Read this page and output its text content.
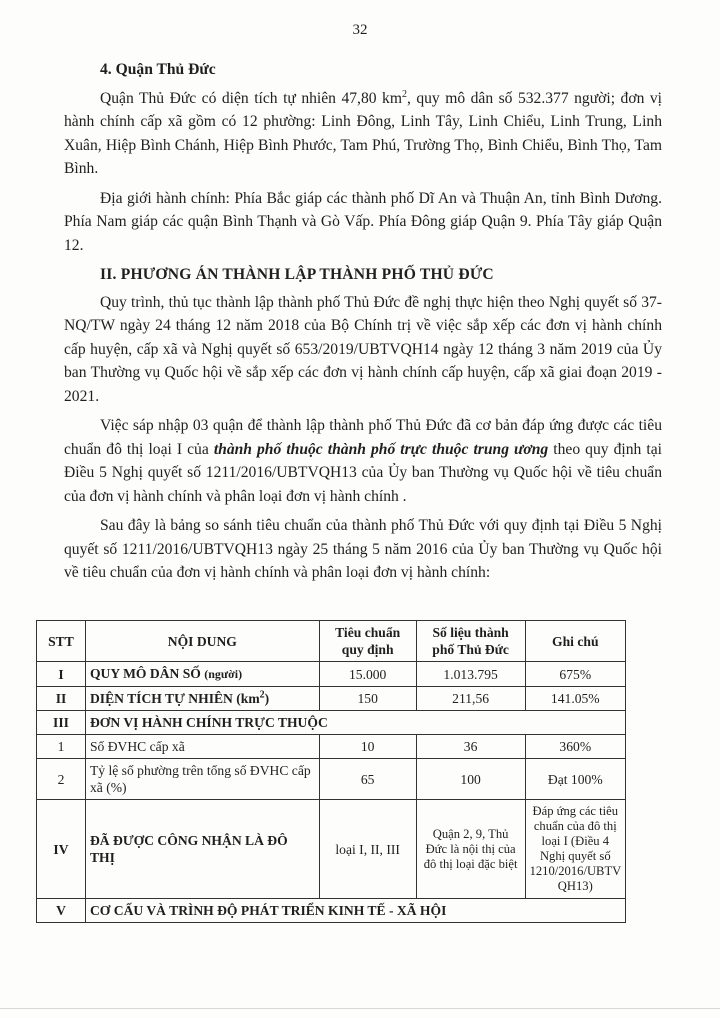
32
4. Quận Thủ Đức

Quận Thủ Đức có diện tích tự nhiên 47,80 $km^2$, quy mô dân số 532.377 người; đơn vị hành chính cấp xã gồm có 12 phường: Linh Đông, Linh Tây, Linh Chiểu, Linh Trung, Linh Xuân, Hiệp Bình Chánh, Hiệp Bình Phước, Tam Phú, Trường Thọ, Bình Chiểu, Bình Thọ, Tam Bình.

Địa giới hành chính: Phía Bắc giáp các thành phố Dĩ An và Thuận An, tỉnh Bình Dương. Phía Nam giáp các quận Bình Thạnh và Gò Vấp. Phía Đông giáp Quận 9. Phía Tây giáp Quận 12.

II. PHƯƠNG ÁN THÀNH LẬP THÀNH PHỐ THỦ ĐỨC

Quy trình, thủ tục thành lập thành phố Thủ Đức đề nghị thực hiện theo Nghị quyết số 37-NQ/TW ngày 24 tháng 12 năm 2018 của Bộ Chính trị về việc sắp xếp các đơn vị hành chính cấp huyện, cấp xã và Nghị quyết số 653/2019/UBTVQH14 ngày 12 tháng 3 năm 2019 của Ủy ban Thường vụ Quốc hội về sắp xếp các đơn vị hành chính cấp huyện, cấp xã giai đoạn 2019 - 2021.

Việc sáp nhập 03 quận để thành lập thành phố Thủ Đức đã cơ bản đáp ứng được các tiêu chuẩn đô thị loại I của thành phố thuộc thành phố trực thuộc trung ương theo quy định tại Điều 5 Nghị quyết số 1211/2016/UBTVQH13 của Ủy ban Thường vụ Quốc hội về tiêu chuẩn của đơn vị hành chính và phân loại đơn vị hành chính .

Sau đây là bảng so sánh tiêu chuẩn của thành phố Thủ Đức với quy định tại Điều 5 Nghị quyết số 1211/2016/UBTVQH13 ngày 25 tháng 5 năm 2016 của Ủy ban Thường vụ Quốc hội về tiêu chuẩn của đơn vị hành chính và phân loại đơn vị hành chính:

STT	NỘI DUNG	Tiêu chuẩn quy định	Số liệu thành phố Thủ Đức	Ghi chú
I	QUY MÔ DÂN SỐ (người)	15.000	1.013.795	675%
II	DIỆN TÍCH TỰ NHIÊN $(km^2)$	150	211,56	141.05%
III	ĐƠN VỊ HÀNH CHÍNH TRỰC THUỘC			
1	Số ĐVHC cấp xã	10	36	360%
2	Tỷ lệ số phường trên tổng số ĐVHC cấp xã (%)	65	100	Đạt 100%
IV	ĐÃ ĐƯỢC CÔNG NHẬN LÀ ĐÔ THỊ	loại I, II, III	Quận 2, 9, Thủ Đức là nội thị của đô thị loại đặc biệt	Đáp ứng các tiêu chuẩn của đô thị loại I (Điều 4 Nghị quyết số 1210/2016/UBTV QH13)
V	CƠ CẤU VÀ TRÌNH ĐỘ PHÁT TRIỂN KINH TẾ - XÃ HỘI			
